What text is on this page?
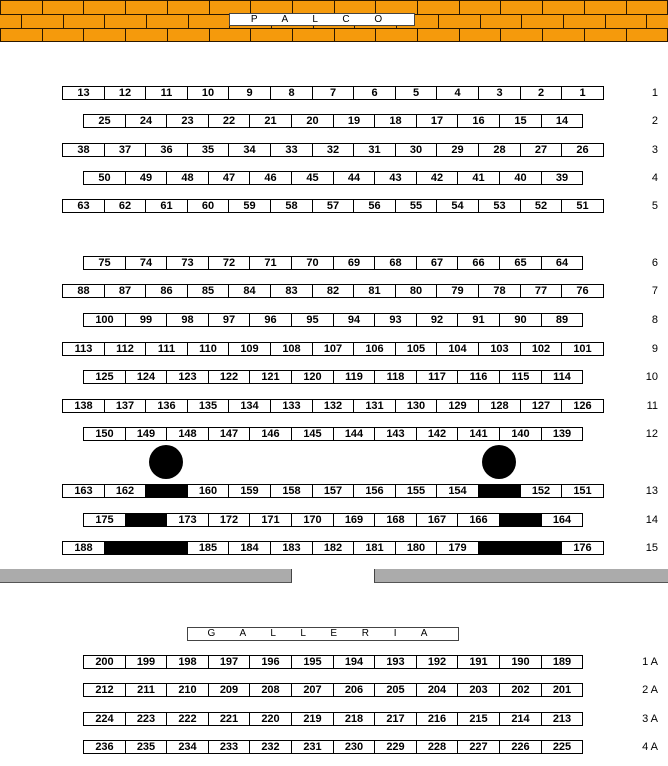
P A L C O
G A L L E R I A
1
13	12	11	10	9	8	7	6	5	4	3	2	1
2
25	24	23	22	21	20	19	18	17	16	15	14
3
38	37	36	35	34	33	32	31	30	29	28	27	26
4
50	49	48	47	46	45	44	43	42	41	40	39
5
63	62	61	60	59	58	57	56	55	54	53	52	51
6
75	74	73	72	71	70	69	68	67	66	65	64
7
88	87	86	85	84	83	82	81	80	79	78	77	76
8
100	99	98	97	96	95	94	93	92	91	90	89
9
113	112	111	110	109	108	107	106	105	104	103	102	101
10
125	124	123	122	121	120	119	118	117	116	115	114
11
138	137	136	135	134	133	132	131	130	129	128	127	126
12
150	149	148	147	146	145	144	143	142	141	140	139
13
163	162	160	159	158	157	156	155	154	152	151
14
175	173	172	171	170	169	168	167	166	164
15
188	185	184	183	182	181	180	179	176
1 A
200	199	198	197	196	195	194	193	192	191	190	189
2 A
212	211	210	209	208	207	206	205	204	203	202	201
3 A
224	223	222	221	220	219	218	217	216	215	214	213
4 A
236	235	234	233	232	231	230	229	228	227	226	225
